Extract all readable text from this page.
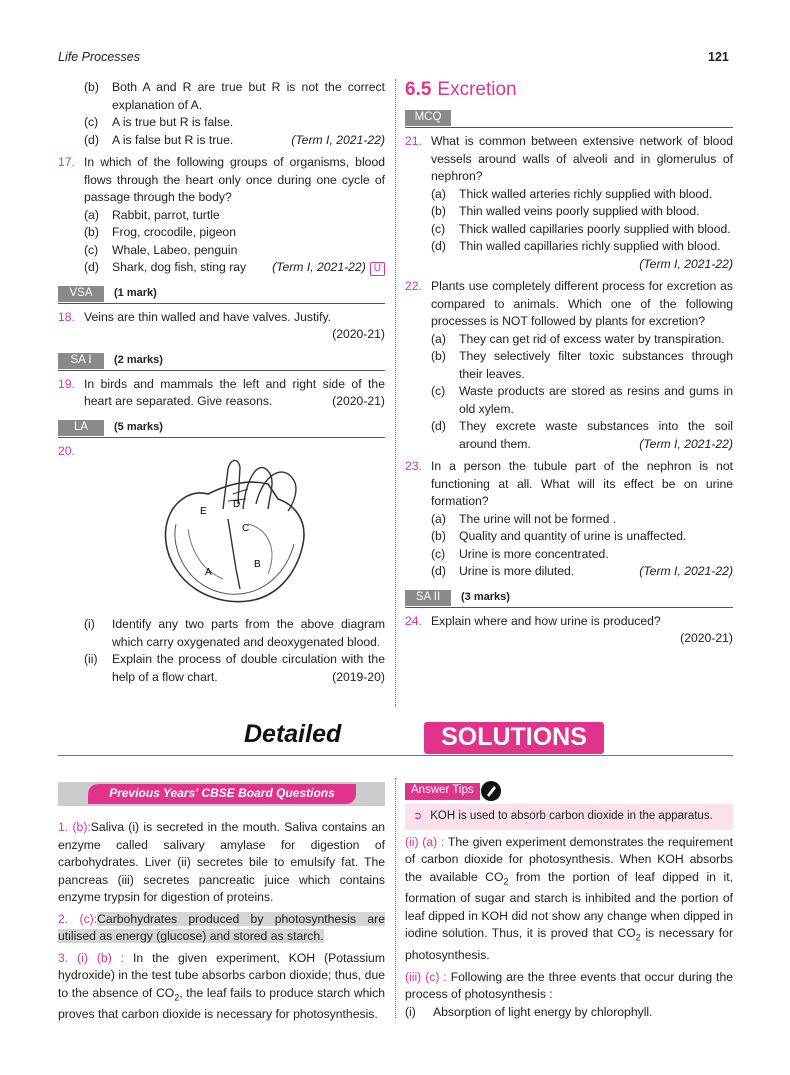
Life Processes	121
(b)	Both A and R are true but R is not the correct explanation of A.
(c)	A is true but R is false.
(d)	A is false but R is true.	(Term I, 2021-22)
17. In which of the following groups of organisms, blood flows through the heart only once during one cycle of passage through the body?
(a)	Rabbit, parrot, turtle
(b)	Frog, crocodile, pigeon
(c)	Whale, Labeo, penguin
(d)	Shark, dog fish, sting ray (Term I, 2021-22) U
VSA	(1 mark)
18. Veins are thin walled and have valves. Justify.
(2020-21)
SA I	(2 marks)
19. In birds and mammals the left and right side of the heart are separated. Give reasons.	(2020-21)
LA	(5 marks)
20.
E
D
C
B
A
(i)	Identify any two parts from the above diagram which carry oxygenated and deoxygenated blood.
(ii)	Explain the process of double circulation with the help of a flow chart.	(2019-20)
6.5 Excretion
MCQ
21. What is common between extensive network of blood vessels around walls of alveoli and in glomerulus of nephron?
(a)	Thick walled arteries richly supplied with blood.
(b)	Thin walled veins poorly supplied with blood.
(c)	Thick walled capillaries poorly supplied with blood.
(d)	Thin walled capillaries richly supplied with blood.
(Term I, 2021-22)
22. Plants use completely different process for excretion as compared to animals. Which one of the following processes is NOT followed by plants for excretion?
(a)	They can get rid of excess water by transpiration.
(b)	They selectively filter toxic substances through their leaves.
(c)	Waste products are stored as resins and gums in old xylem.
(d)	They excrete waste substances into the soil around them.	(Term I, 2021-22)
23. In a person the tubule part of the nephron is not functioning at all. What will its effect be on urine formation?
(a)	The urine will not be formed .
(b)	Quality and quantity of urine is unaffected.
(c)	Urine is more concentrated.
(d)	Urine is more diluted.	(Term I, 2021-22)
SA II	(3 marks)
24. Explain where and how urine is produced?
(2020-21)
Detailed	SOLUTIONS
Previous Years' CBSE Board Questions
1. (b):Saliva (i) is secreted in the mouth. Saliva contains an enzyme called salivary amylase for digestion of carbohydrates. Liver (ii) secretes bile to emulsify fat. The pancreas (iii) secretes pancreatic juice which contains enzyme trypsin for digestion of proteins.
2. (c):Carbohydrates produced by photosynthesis are utilised as energy (glucose) and stored as starch.
3. (i) (b) : In the given experiment, KOH (Potassium hydroxide) in the test tube absorbs carbon dioxide; thus, due to the absence of $CO_2$, the leaf fails to produce starch which proves that carbon dioxide is necessary for photosynthesis.
Answer Tips
➲ KOH is used to absorb carbon dioxide in the apparatus.
(ii) (a) : The given experiment demonstrates the requirement of carbon dioxide for photosynthesis. When KOH absorbs the available $CO_2$ from the portion of leaf dipped in it, formation of sugar and starch is inhibited and the portion of leaf dipped in KOH did not show any change when dipped in iodine solution. Thus, it is proved that $CO_2$ is necessary for photosynthesis.
(iii) (c) : Following are the three events that occur during the process of photosynthesis :
(i)	Absorption of light energy by chlorophyll.
